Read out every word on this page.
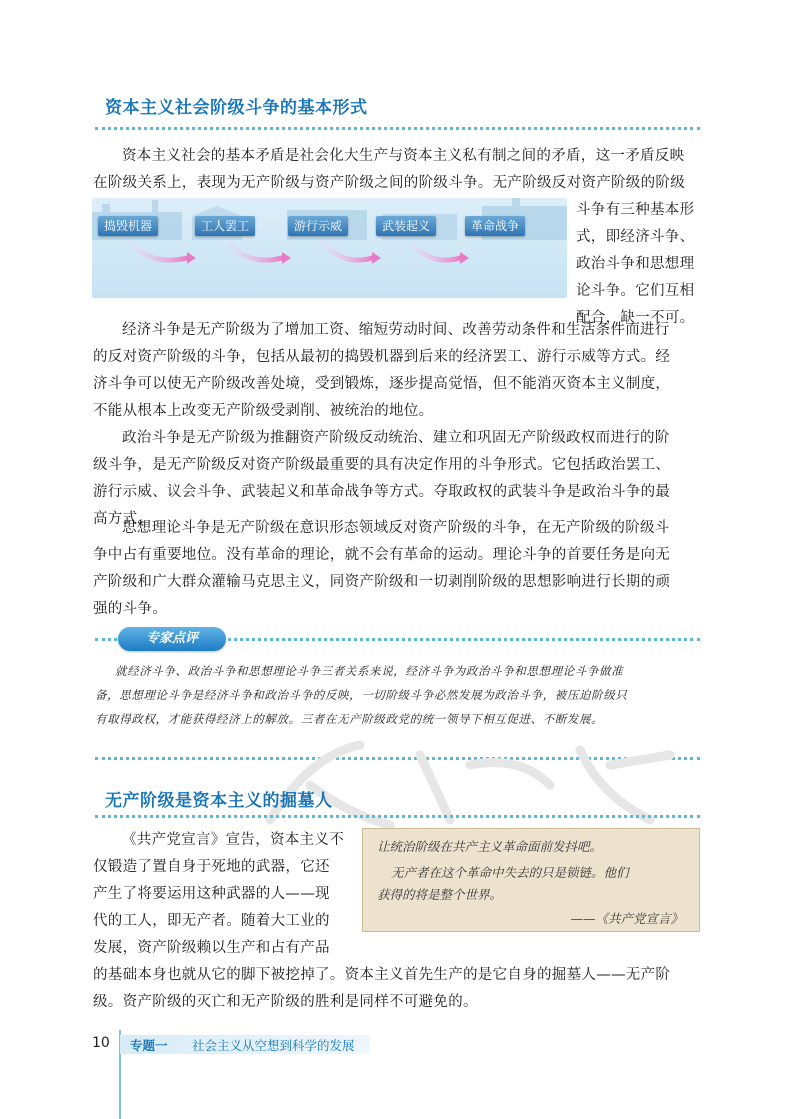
资本主义社会阶级斗争的基本形式

资本主义社会的基本矛盾是社会化大生产与资本主义私有制之间的矛盾，这一矛盾反映

在阶级关系上，表现为无产阶级与资产阶级之间的阶级斗争。无产阶级反对资产阶级的阶级

斗争有三种基本形

式，即经济斗争、

政治斗争和思想理

论斗争。它们互相

配合，缺一不可。

捣毁机器	工人罢工	游行示威	武装起义	革命战争

经济斗争是无产阶级为了增加工资、缩短劳动时间、改善劳动条件和生活条件而进行

的反对资产阶级的斗争，包括从最初的捣毁机器到后来的经济罢工、游行示威等方式。经

济斗争可以使无产阶级改善处境，受到锻炼，逐步提高觉悟，但不能消灭资本主义制度，

不能从根本上改变无产阶级受剥削、被统治的地位。

政治斗争是无产阶级为推翻资产阶级反动统治、建立和巩固无产阶级政权而进行的阶

级斗争，是无产阶级反对资产阶级最重要的具有决定作用的斗争形式。它包括政治罢工、

游行示威、议会斗争、武装起义和革命战争等方式。夺取政权的武装斗争是政治斗争的最

高方式。

思想理论斗争是无产阶级在意识形态领域反对资产阶级的斗争，在无产阶级的阶级斗

争中占有重要地位。没有革命的理论，就不会有革命的运动。理论斗争的首要任务是向无

产阶级和广大群众灌输马克思主义，同资产阶级和一切剥削阶级的思想影响进行长期的顽

强的斗争。

专家点评
就经济斗争、政治斗争和思想理论斗争三者关系来说，经济斗争为政治斗争和思想理论斗争做准
备，思想理论斗争是经济斗争和政治斗争的反映，一切阶级斗争必然发展为政治斗争，被压迫阶级只
有取得政权，才能获得经济上的解放。三者在无产阶级政党的统一领导下相互促进、不断发展。
无产阶级是资本主义的掘墓人

《共产党宣言》宣告，资本主义不

仅锻造了置自身于死地的武器，它还

产生了将要运用这种武器的人——现

代的工人，即无产者。随着大工业的

发展，资产阶级赖以生产和占有产品

让统治阶级在共产主义革命面前发抖吧。

无产者在这个革命中失去的只是锁链。他们

获得的将是整个世界。

——《共产党宣言》

的基础本身也就从它的脚下被挖掉了。资本主义首先生产的是它自身的掘墓人——无产阶

级。资产阶级的灭亡和无产阶级的胜利是同样不可避免的。

10 专题一 社会主义从空想到科学的发展
